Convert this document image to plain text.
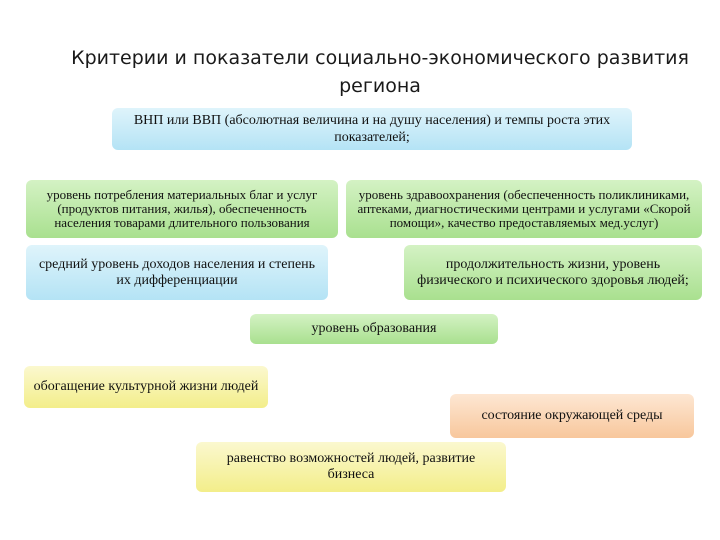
Критерии и показатели социально-экономического развития региона
ВНП или ВВП (абсолютная величина и на душу населения) и темпы роста этих показателей;
уровень потребления материальных благ и услуг (продуктов питания, жилья), обеспеченность населения товарами длительного пользования
уровень здравоохранения (обеспеченность поликлиниками, аптеками, диагностическими центрами и услугами «Скорой помощи», качество предоставляемых мед.услуг)
средний уровень доходов населения и степень их дифференциации
продолжительность жизни, уровень физического и психического здоровья людей;
уровень образования
обогащение культурной жизни людей
состояние окружающей среды
равенство возможностей людей, развитие бизнеса
